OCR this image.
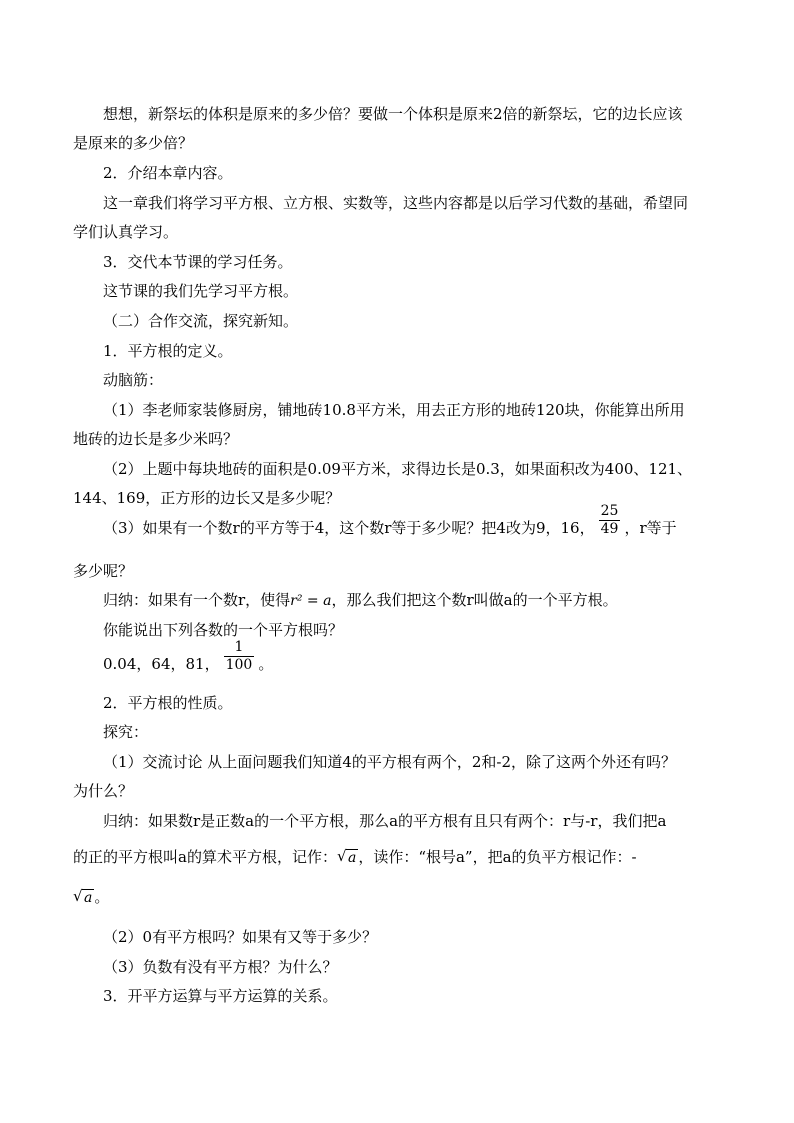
想想，新祭坛的体积是原来的多少倍？要做一个体积是原来2倍的新祭坛，它的边长应该
是原来的多少倍？
2．介绍本章内容。
这一章我们将学习平方根、立方根、实数等，这些内容都是以后学习代数的基础，希望同
学们认真学习。
3．交代本节课的学习任务。
这节课的我们先学习平方根。
（二）合作交流，探究新知。
1．平方根的定义。
动脑筋：
（1）李老师家装修厨房，铺地砖10.8平方米，用去正方形的地砖120块，你能算出所用
地砖的边长是多少米吗？
（2）上题中每块地砖的面积是0.09平方米，求得边长是0.3，如果面积改为400、121、
144、169，正方形的边长又是多少呢？
（3）如果有一个数r的平方等于4，这个数r等于多少呢？把4改为9，16， $\frac{25}{49}$ ，r等于
多少呢？
归纳：如果有一个数r，使得r² = a，那么我们把这个数r叫做a的一个平方根。
你能说出下列各数的一个平方根吗？
0.04，64，81， $\frac{1}{100}$ 。
2．平方根的性质。
探究：
（1）交流讨论 从上面问题我们知道4的平方根有两个，2和-2，除了这两个外还有吗？
为什么？
归纳：如果数r是正数a的一个平方根，那么a的平方根有且只有两个：r与-r，我们把a
的正的平方根叫a的算术平方根，记作： √ a ，读作：“根号a”，把a的负平方根记作：-
√ a 。
（2）0有平方根吗？如果有又等于多少？
（3）负数有没有平方根？为什么？
3．开平方运算与平方运算的关系。
